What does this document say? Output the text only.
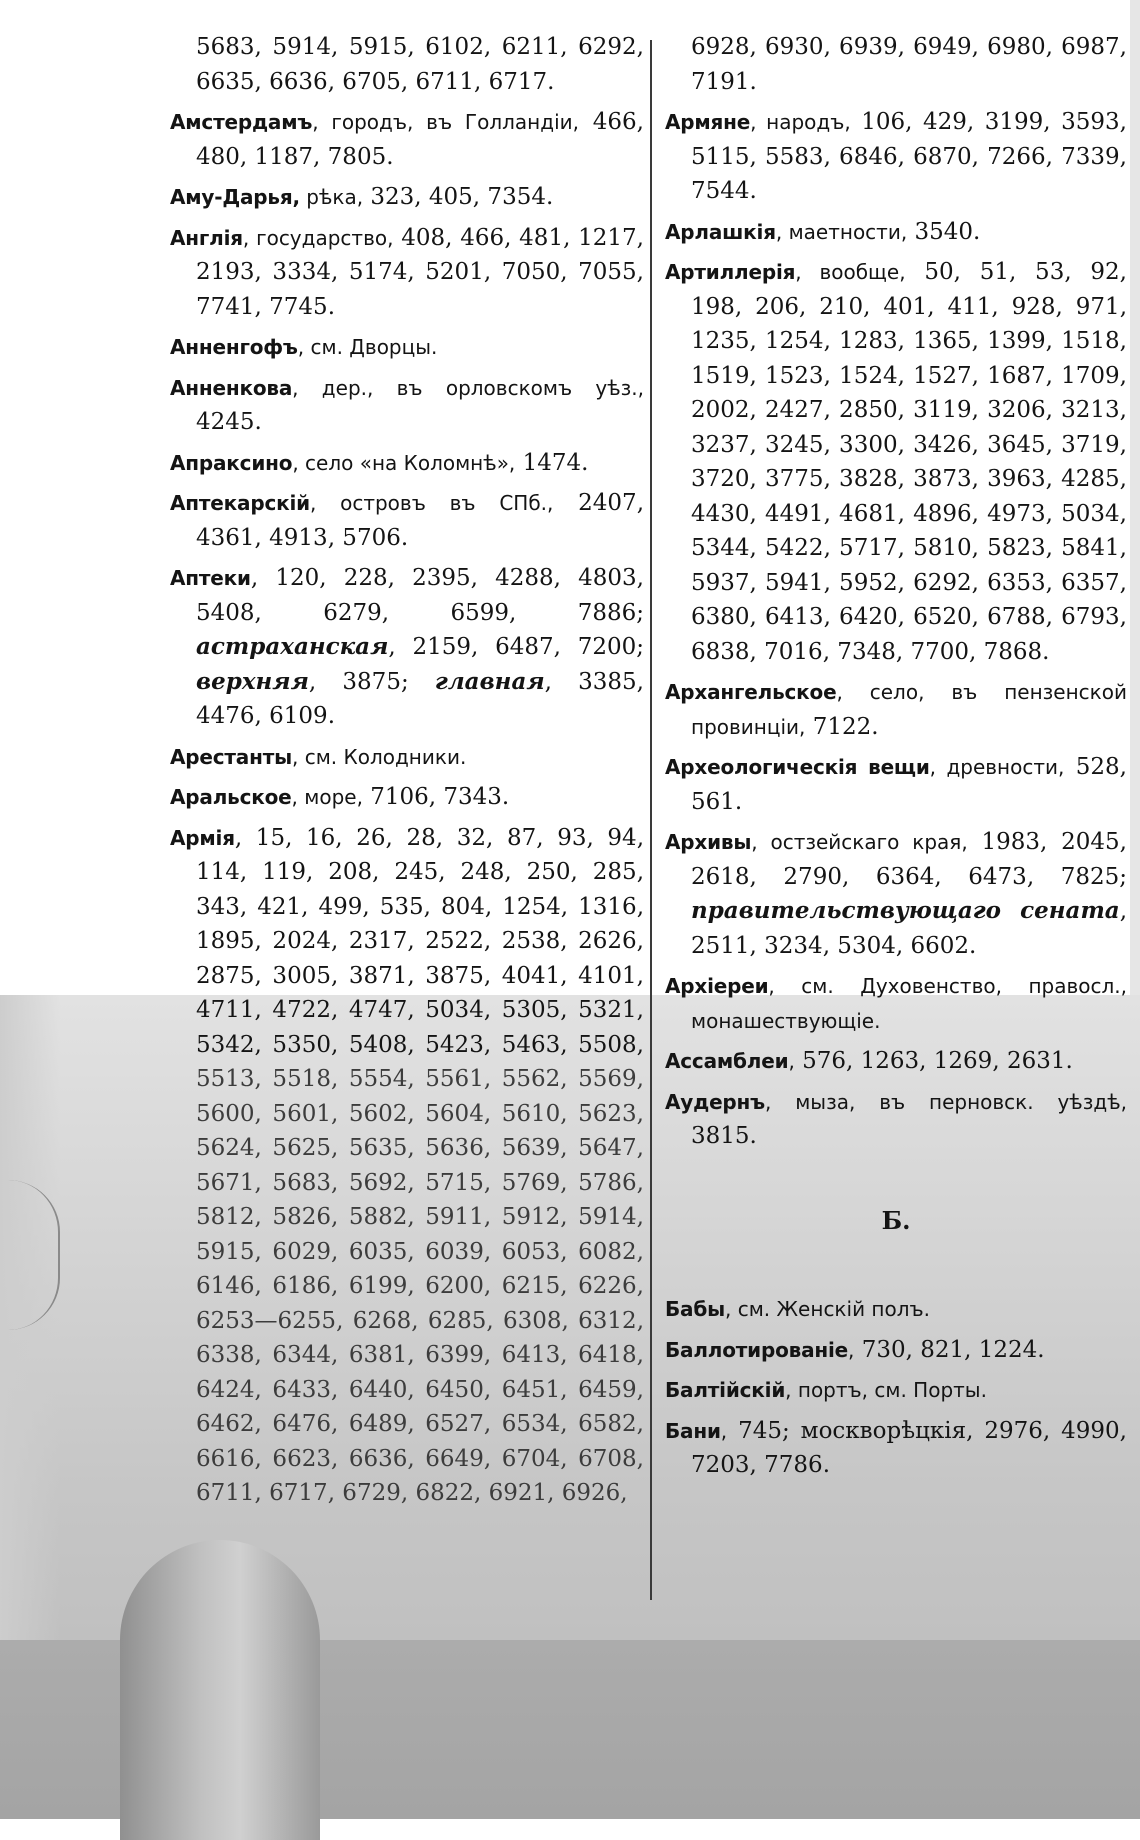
5683, 5914, 5915, 6102, 6211, 6292, 6635, 6636, 6705, 6711, 6717.

Амстердамъ, городъ, въ Голландіи, 466, 480, 1187, 7805.

Аму-Дарья, рѣка, 323, 405, 7354.

Англія, государство, 408, 466, 481, 1217, 2193, 3334, 5174, 5201, 7050, 7055, 7741, 7745.

Анненгофъ, см. Дворцы.

Анненкова, дер., въ орловскомъ уѣз., 4245.

Апраксино, село «на Коломнѣ», 1474.

Аптекарскій, островъ въ СПб., 2407, 4361, 4913, 5706.

Аптеки, 120, 228, 2395, 4288, 4803, 5408, 6279, 6599, 7886; астраханская, 2159, 6487, 7200; верхняя, 3875; главная, 3385, 4476, 6109.

Арестанты, см. Колодники.

Аральское, море, 7106, 7343.

Армія, 15, 16, 26, 28, 32, 87, 93, 94, 114, 119, 208, 245, 248, 250, 285, 343, 421, 499, 535, 804, 1254, 1316, 1895, 2024, 2317, 2522, 2538, 2626, 2875, 3005, 3871, 3875, 4041, 4101, 4711, 4722, 4747, 5034, 5305, 5321, 5342, 5350, 5408, 5423, 5463, 5508, 5513, 5518, 5554, 5561, 5562, 5569, 5600, 5601, 5602, 5604, 5610, 5623, 5624, 5625, 5635, 5636, 5639, 5647, 5671, 5683, 5692, 5715, 5769, 5786, 5812, 5826, 5882, 5911, 5912, 5914, 5915, 6029, 6035, 6039, 6053, 6082, 6146, 6186, 6199, 6200, 6215, 6226, 6253—6255, 6268, 6285, 6308, 6312, 6338, 6344, 6381, 6399, 6413, 6418, 6424, 6433, 6440, 6450, 6451, 6459, 6462, 6476, 6489, 6527, 6534, 6582, 6616, 6623, 6636, 6649, 6704, 6708, 6711, 6717, 6729, 6822, 6921, 6926,

6928, 6930, 6939, 6949, 6980, 6987, 7191.

Армяне, народъ, 106, 429, 3199, 3593, 5115, 5583, 6846, 6870, 7266, 7339, 7544.

Арлашкія, маетности, 3540.

Артиллерія, вообще, 50, 51, 53, 92, 198, 206, 210, 401, 411, 928, 971, 1235, 1254, 1283, 1365, 1399, 1518, 1519, 1523, 1524, 1527, 1687, 1709, 2002, 2427, 2850, 3119, 3206, 3213, 3237, 3245, 3300, 3426, 3645, 3719, 3720, 3775, 3828, 3873, 3963, 4285, 4430, 4491, 4681, 4896, 4973, 5034, 5344, 5422, 5717, 5810, 5823, 5841, 5937, 5941, 5952, 6292, 6353, 6357, 6380, 6413, 6420, 6520, 6788, 6793, 6838, 7016, 7348, 7700, 7868.

Архангельское, село, въ пензенской провинціи, 7122.

Археологическія вещи, древности, 528, 561.

Архивы, остзейскаго края, 1983, 2045, 2618, 2790, 6364, 6473, 7825; правительствующаго сената, 2511, 3234, 5304, 6602.

Архіереи, см. Духовенство, правосл., монашествующіе.

Ассамблеи, 576, 1263, 1269, 2631.

Аудернъ, мыза, въ перновск. уѣздѣ, 3815.

Б.

Бабы, см. Женскій полъ.

Баллотированіе, 730, 821, 1224.

Балтійскій, портъ, см. Порты.

Бани, 745; москворѣцкія, 2976, 4990, 7203, 7786.
